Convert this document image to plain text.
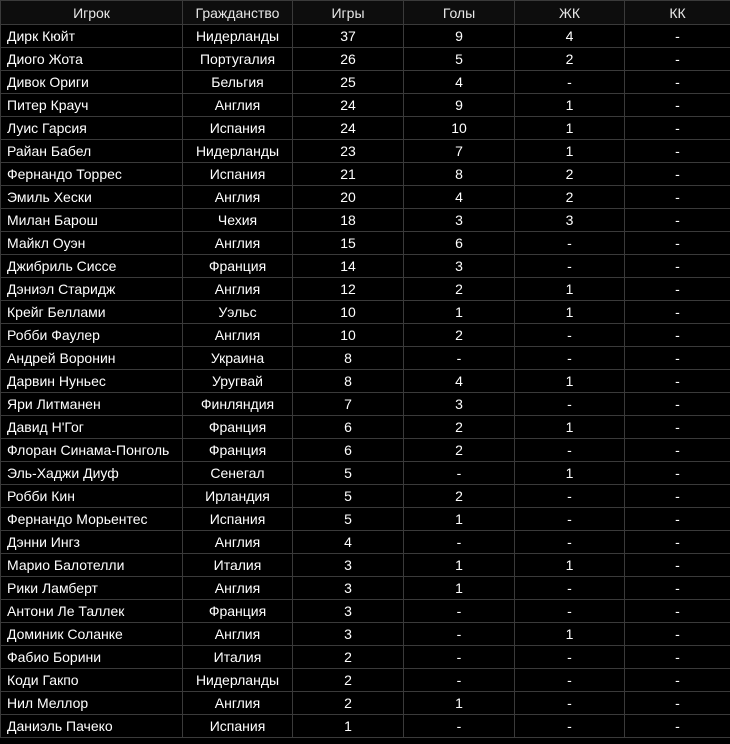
Игрок	Гражданство	Игры	Голы	ЖК	КК
Дирк Кюйт	Нидерланды	37	9	4	-
Диого Жота	Португалия	26	5	2	-
Дивок Ориги	Бельгия	25	4	-	-
Питер Крауч	Англия	24	9	1	-
Луис Гарсия	Испания	24	10	1	-
Райан Бабел	Нидерланды	23	7	1	-
Фернандо Торрес	Испания	21	8	2	-
Эмиль Хески	Англия	20	4	2	-
Милан Барош	Чехия	18	3	3	-
Майкл Оуэн	Англия	15	6	-	-
Джибриль Сиссе	Франция	14	3	-	-
Дэниэл Старидж	Англия	12	2	1	-
Крейг Беллами	Уэльс	10	1	1	-
Робби Фаулер	Англия	10	2	-	-
Андрей Воронин	Украина	8	-	-	-
Дарвин Нуньес	Уругвай	8	4	1	-
Яри Литманен	Финляндия	7	3	-	-
Давид Н'Гог	Франция	6	2	1	-
Флоран Синама-Понголь	Франция	6	2	-	-
Эль-Хаджи Диуф	Сенегал	5	-	1	-
Робби Кин	Ирландия	5	2	-	-
Фернандо Морьентес	Испания	5	1	-	-
Дэнни Ингз	Англия	4	-	-	-
Марио Балотелли	Италия	3	1	1	-
Рики Ламберт	Англия	3	1	-	-
Антони Ле Таллек	Франция	3	-	-	-
Доминик Соланке	Англия	3	-	1	-
Фабио Борини	Италия	2	-	-	-
Коди Гакпо	Нидерланды	2	-	-	-
Нил Меллор	Англия	2	1	-	-
Даниэль Пачеко	Испания	1	-	-	-
